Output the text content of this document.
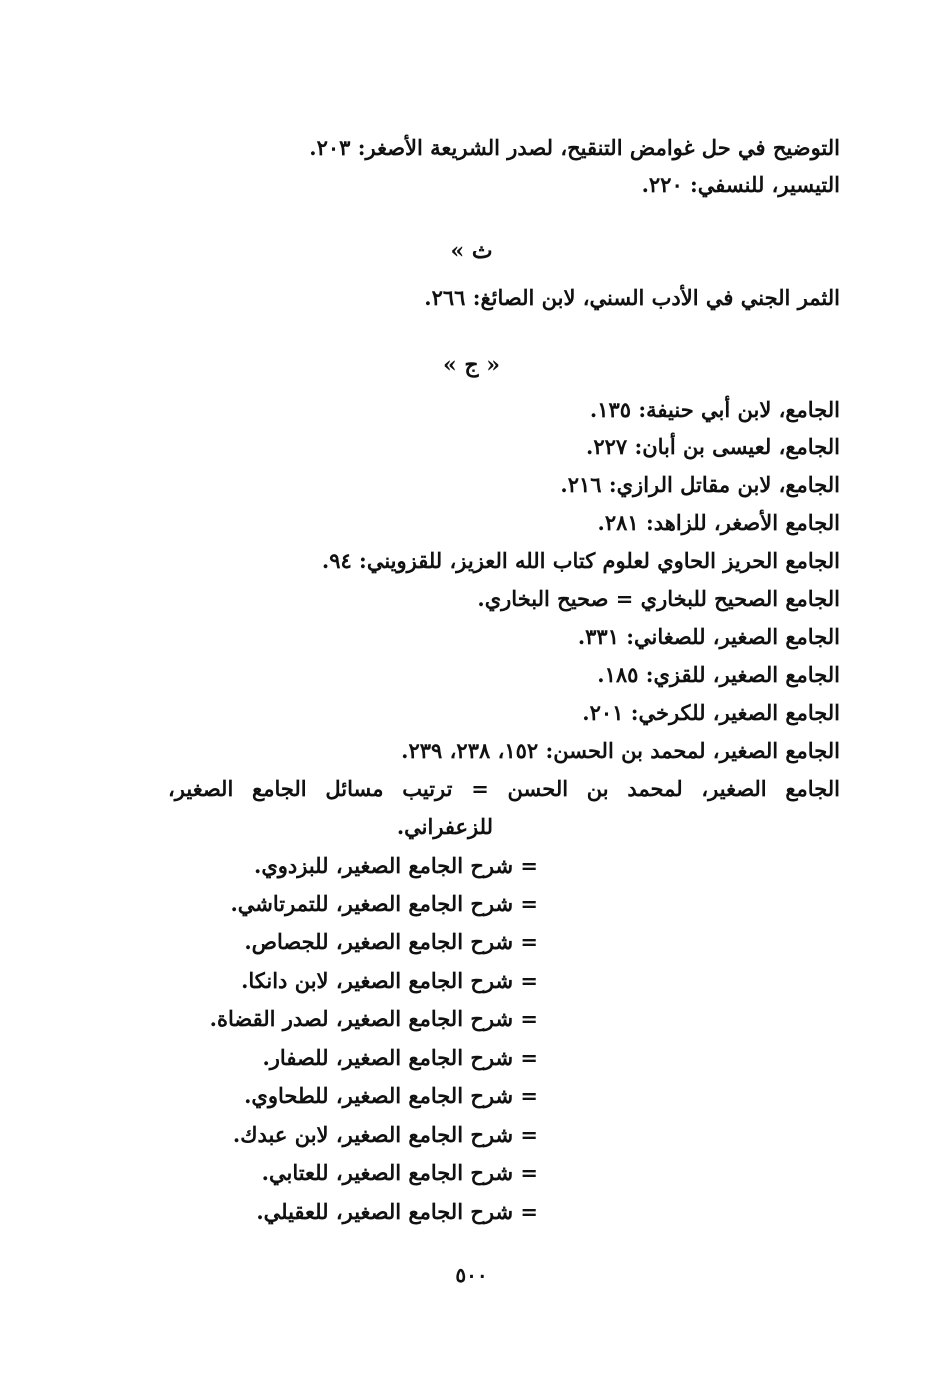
التوضيح في حل غوامض التنقيح، لصدر الشريعة الأصغر: ٢٠٣.
التيسير، للنسفي: ٢٢٠.
ث »
الثمر الجني في الأدب السني، لابن الصائغ: ٢٦٦.
« ج »
الجامع، لابن أبي حنيفة: ١٣٥.
الجامع، لعيسى بن أبان: ٢٢٧.
الجامع، لابن مقاتل الرازي: ٢١٦.
الجامع الأصغر، للزاهد: ٢٨١.
الجامع الحريز الحاوي لعلوم كتاب الله العزيز، للقزويني: ٩٤.
الجامع الصحيح للبخاري = صحيح البخاري.
الجامع الصغير، للصغاني: ٣٣١.
الجامع الصغير، للقزي: ١٨٥.
الجامع الصغير، للكرخي: ٢٠١.
الجامع الصغير، لمحمد بن الحسن: ١٥٢، ٢٣٨، ٢٣٩.
الجامع الصغير، لمحمد بن الحسن = ترتيب مسائل الجامع الصغير،
للزعفراني.
= شرح الجامع الصغير، للبزدوي.
= شرح الجامع الصغير، للتمرتاشي.
= شرح الجامع الصغير، للجصاص.
= شرح الجامع الصغير، لابن دانكا.
= شرح الجامع الصغير، لصدر القضاة.
= شرح الجامع الصغير، للصفار.
= شرح الجامع الصغير، للطحاوي.
= شرح الجامع الصغير، لابن عبدك.
= شرح الجامع الصغير، للعتابي.
= شرح الجامع الصغير، للعقيلي.
٥٠٠
